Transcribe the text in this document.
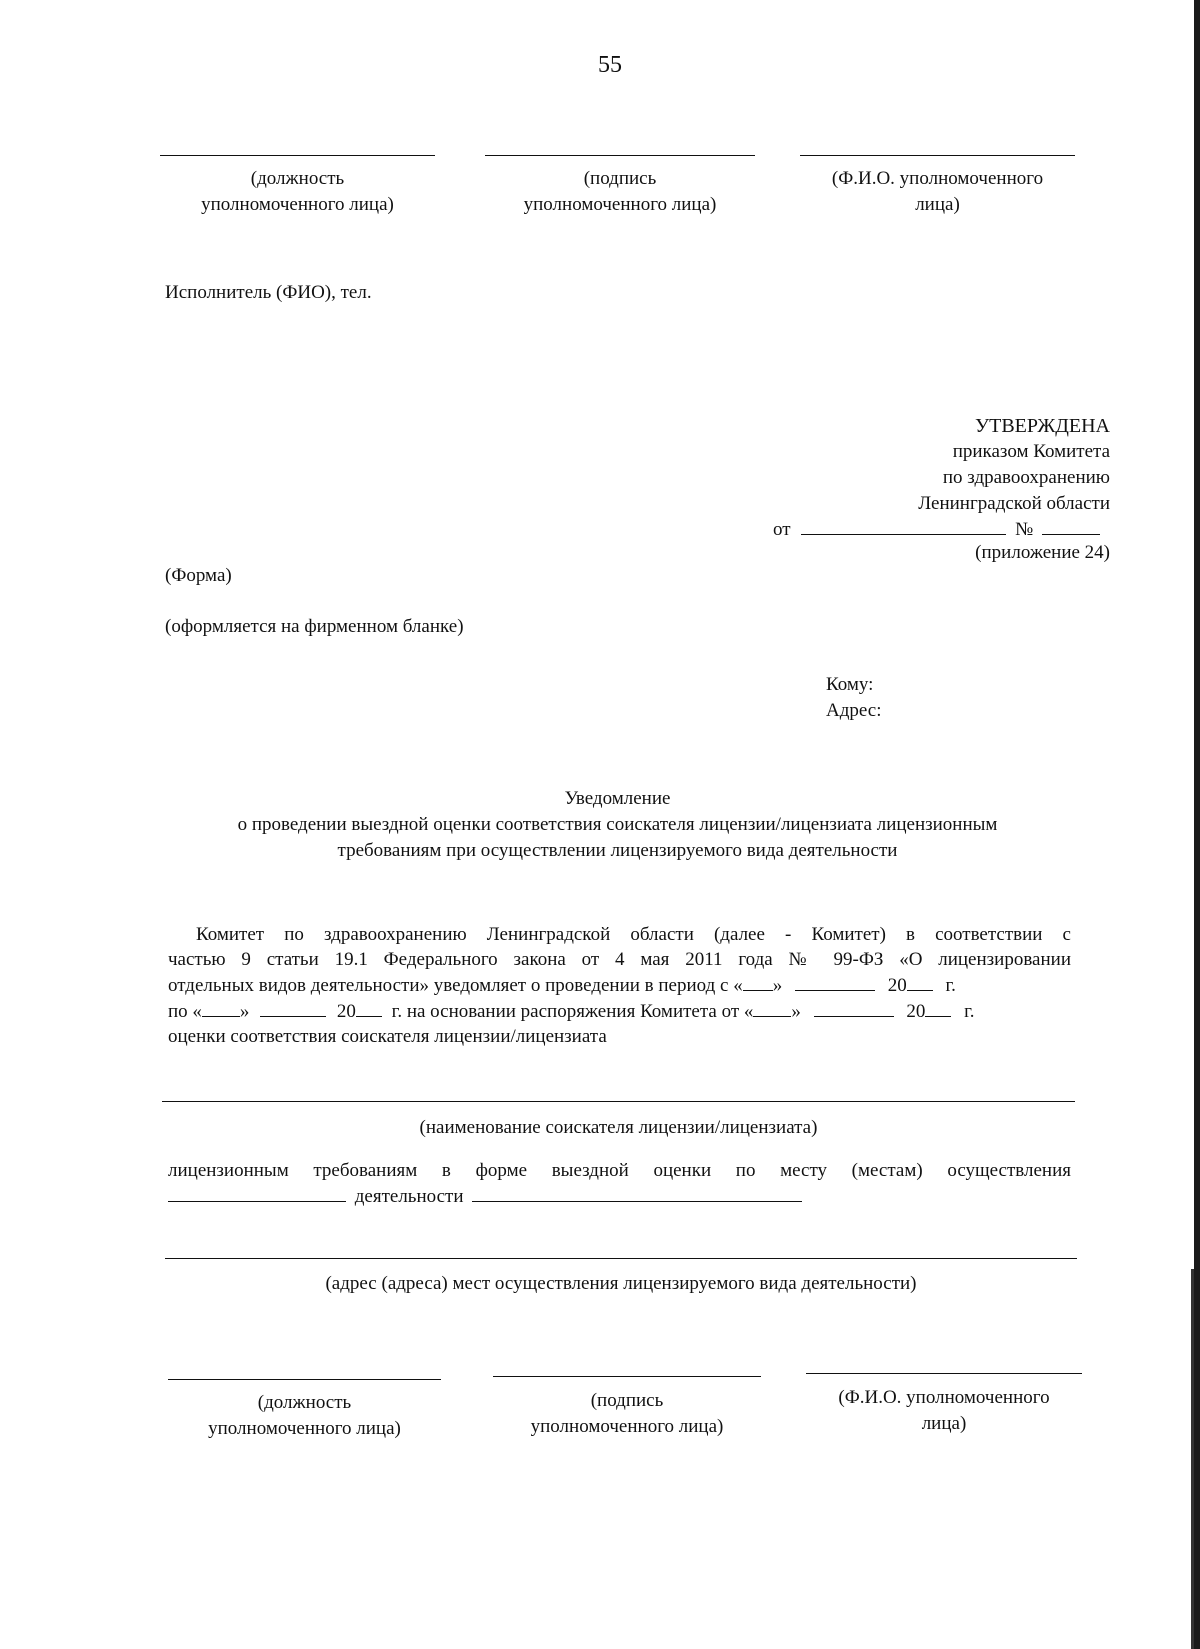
55
(должность
уполномоченного лица)
(подпись
уполномоченного лица)
(Ф.И.О. уполномоченного
лица)
Исполнитель (ФИО), тел.
УТВЕРЖДЕНА
приказом Комитета
по здравоохранению
Ленинградской области
от	№
(приложение 24)
(Форма)
(оформляется на фирменном бланке)
Кому:
Адрес:
Уведомление
о проведении выездной оценки соответствия соискателя лицензии/лицензиата лицензионным
требованиям при осуществлении лицензируемого вида деятельности
Комитет по здравоохранению Ленинградской области (далее - Комитет) в соответствии с
частью 9 статьи 19.1 Федерального закона от 4 мая 2011 года № 99-ФЗ «О лицензировании
отдельных видов деятельности» уведомляет о проведении в период с « »	20 г.
по « »	20 г. на основании распоряжения Комитета от « »	20 г.
оценки соответствия соискателя лицензии/лицензиата
(наименование соискателя лицензии/лицензиата)
лицензионным требованиям в форме выездной оценки по месту (местам) осуществления
деятельности
(адрес (адреса) мест осуществления лицензируемого вида деятельности)
(должность
уполномоченного лица)
(подпись
уполномоченного лица)
(Ф.И.О. уполномоченного
лица)
